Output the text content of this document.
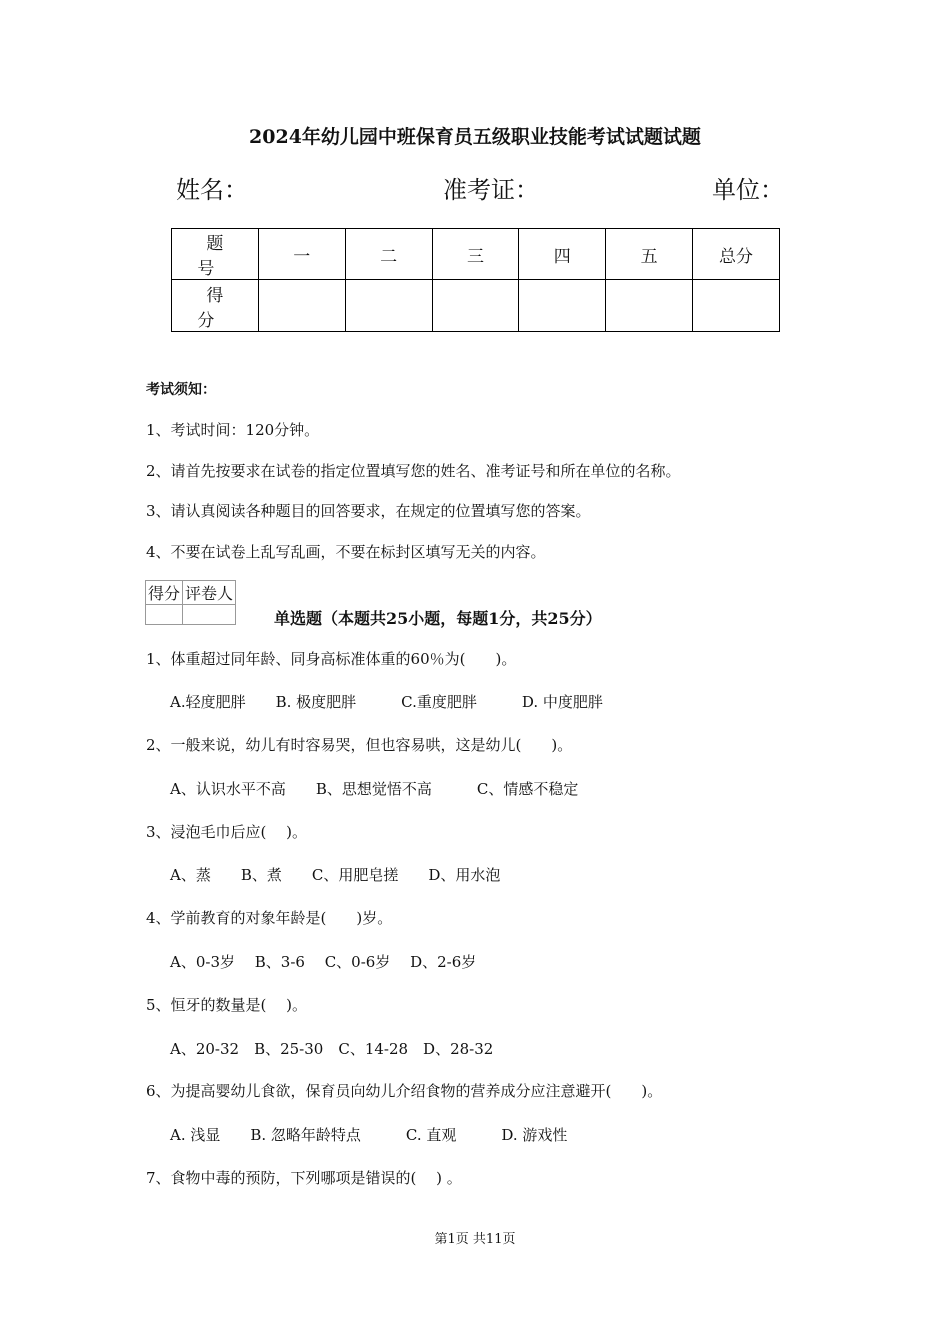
2024年幼儿园中班保育员五级职业技能考试试题试题
姓名：	准考证：	单位：
题 号	一	二	三	四	五	总分
得 分						
考试须知：
1、考试时间：120分钟。
2、请首先按要求在试卷的指定位置填写您的姓名、准考证号和所在单位的名称。
3、请认真阅读各种题目的回答要求，在规定的位置填写您的答案。
4、不要在试卷上乱写乱画，不要在标封区填写无关的内容。
得分	评卷人

单选题（本题共25小题，每题1分，共25分）
1、体重超过同年龄、同身高标准体重的60％为(　　)。
A.轻度肥胖　　B. 极度肥胖　　　C.重度肥胖　　　D. 中度肥胖
2、一般来说，幼儿有时容易哭，但也容易哄，这是幼儿(　　)。
A、认识水平不高　　B、思想觉悟不高　　　C、情感不稳定
3、浸泡毛巾后应(　 )。
A、蒸　　B、煮　　C、用肥皂搓　　D、用水泡
4、学前教育的对象年龄是(　　)岁。
A、0-3岁　 B、3-6　 C、0-6岁　 D、2-6岁
5、恒牙的数量是(　 )。
A、20-32　B、25-30　C、14-28　D、28-32
6、为提高婴幼儿食欲，保育员向幼儿介绍食物的营养成分应注意避开(　　)。
A. 浅显　　B. 忽略年龄特点　　　C. 直观　　　D. 游戏性
7、食物中毒的预防，下列哪项是错误的(　 ) 。
第1页 共11页
